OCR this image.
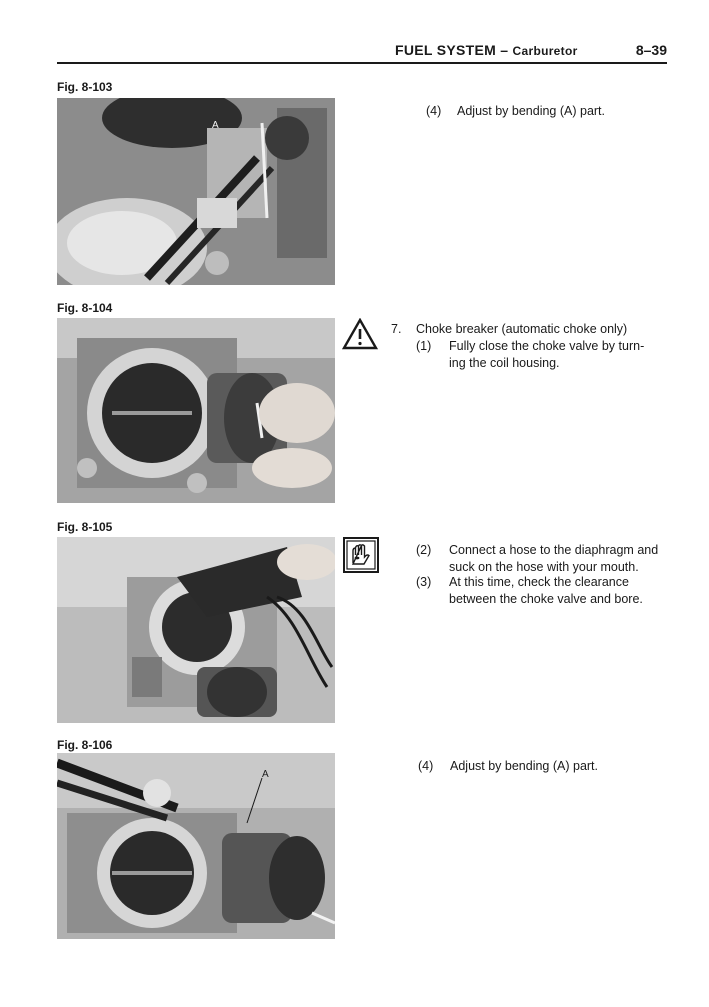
FUEL SYSTEM – Carburetor	8–39
Fig. 8-103
A
Fig. 8-104
Fig. 8-105
Fig. 8-106
A
(4) Adjust by bending (A) part.
7. Choke breaker (automatic choke only)
(1) Fully close the choke valve by turn-
ing the coil housing.
(2) Connect a hose to the diaphragm and
suck on the hose with your mouth.
(3) At this time, check the clearance
between the choke valve and bore.
(4) Adjust by bending (A) part.
